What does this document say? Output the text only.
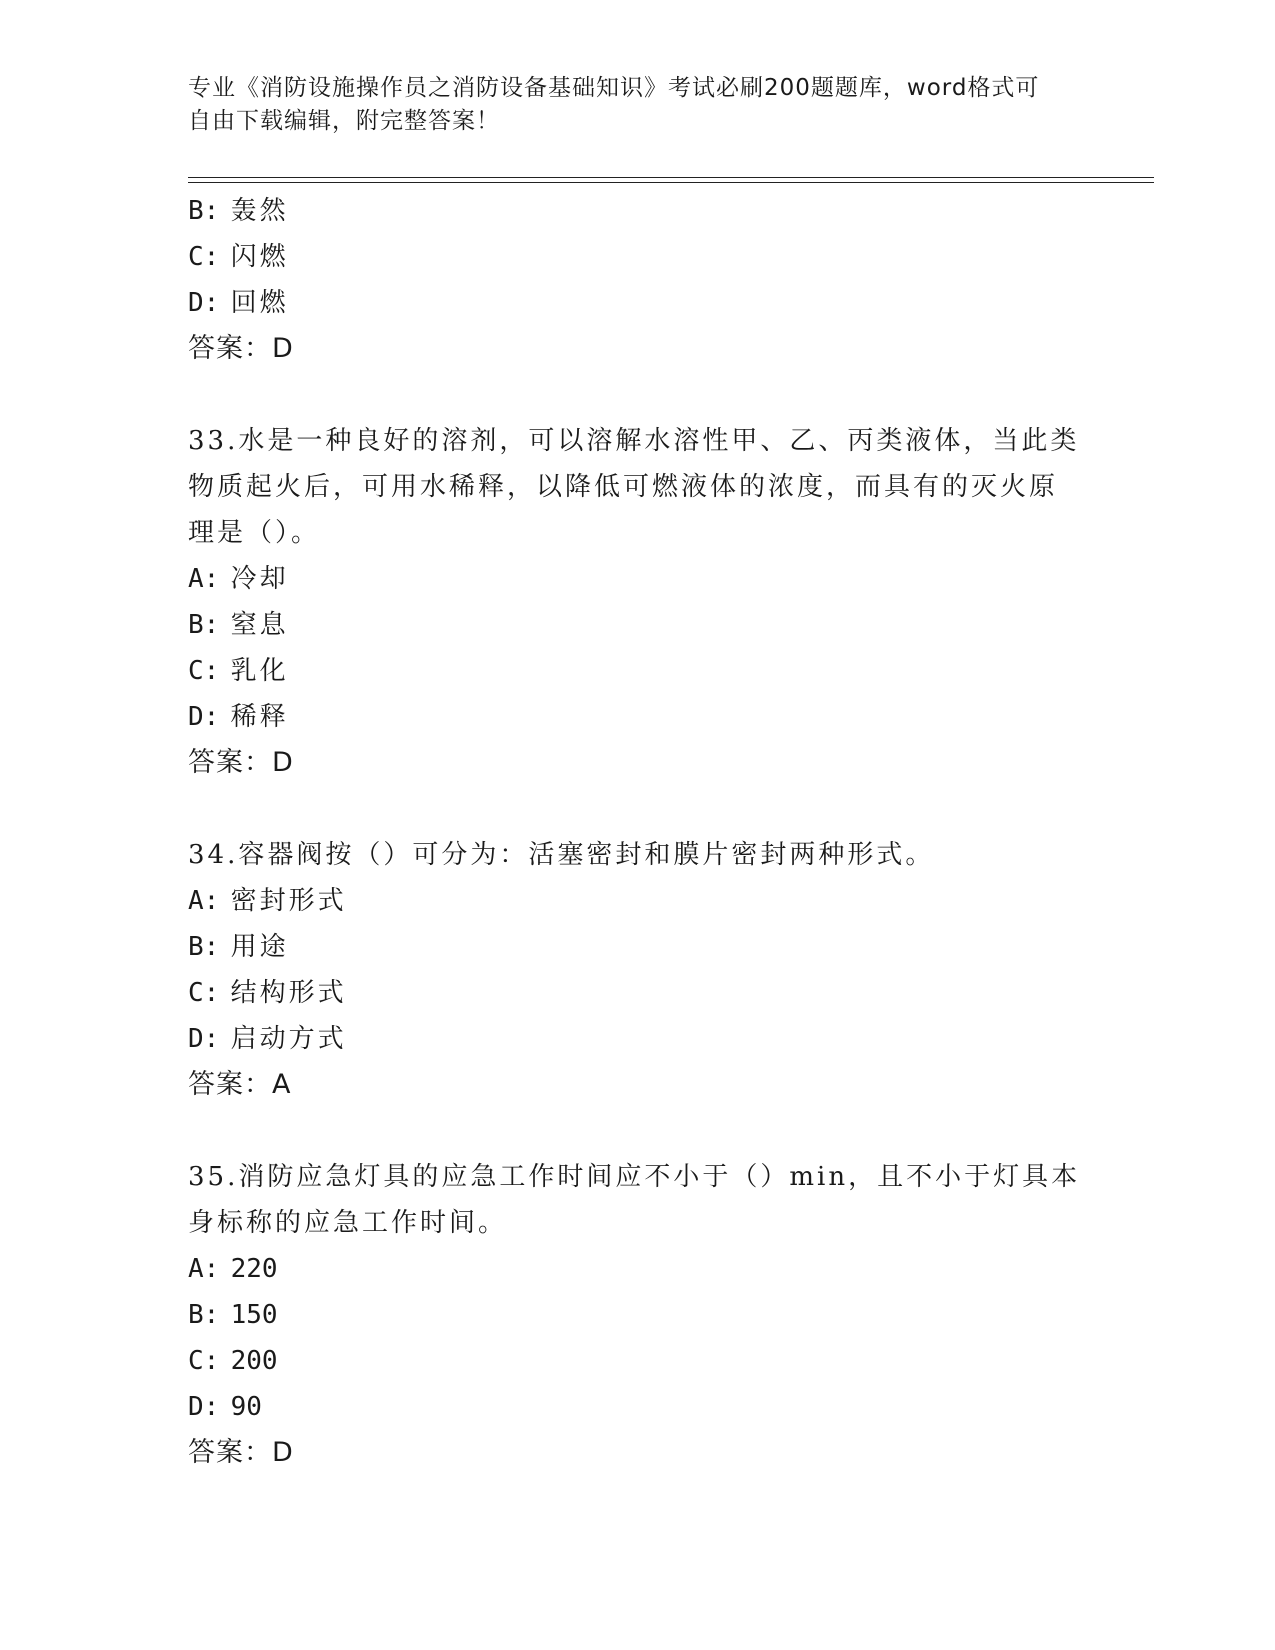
专业《消防设施操作员之消防设备基础知识》考试必刷200题题库，word格式可
自由下载编辑，附完整答案！
B: 轰然
C: 闪燃
D: 回燃
答案：D
33.水是一种良好的溶剂，可以溶解水溶性甲、乙、丙类液体，当此类
物质起火后，可用水稀释，以降低可燃液体的浓度，而具有的灭火原
理是（）。
A: 冷却
B: 窒息
C: 乳化
D: 稀释
答案：D
34.容器阀按（）可分为：活塞密封和膜片密封两种形式。
A: 密封形式
B: 用途
C: 结构形式
D: 启动方式
答案：A
35.消防应急灯具的应急工作时间应不小于（）min，且不小于灯具本
身标称的应急工作时间。
A: 220
B: 150
C: 200
D: 90
答案：D
